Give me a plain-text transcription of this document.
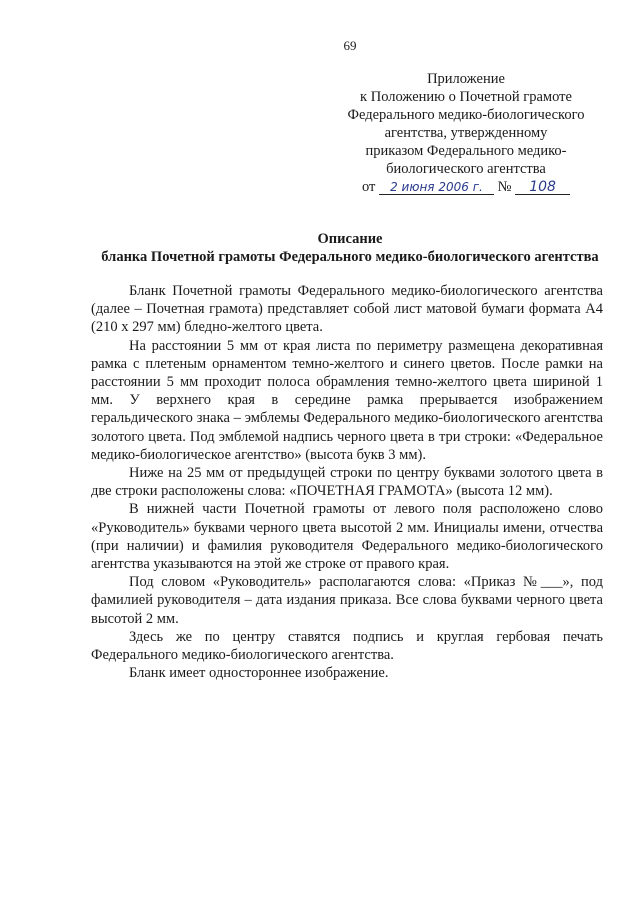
69
Приложение
к Положению о Почетной грамоте
Федерального медико-биологического
агентства, утвержденному
приказом Федерального медико-
биологического агентства
от 2 июня 2006 г. № 108
Описание
бланка Почетной грамоты Федерального медико-биологического агентства

Бланк Почетной грамоты Федерального медико-биологического агентства (далее – Почетная грамота) представляет собой лист матовой бумаги формата А4 (210 х 297 мм) бледно-желтого цвета.

На расстоянии 5 мм от края листа по периметру размещена декоративная рамка с плетеным орнаментом темно-желтого и синего цветов. После рамки на расстоянии 5 мм проходит полоса обрамления темно-желтого цвета шириной 1 мм. У верхнего края в середине рамка прерывается изображением геральдического знака – эмблемы Федерального медико-биологического агентства золотого цвета. Под эмблемой надпись черного цвета в три строки: «Федеральное медико-биологическое агентство» (высота букв 3 мм).

Ниже на 25 мм от предыдущей строки по центру буквами золотого цвета в две строки расположены слова: «ПОЧЕТНАЯ ГРАМОТА» (высота 12 мм).

В нижней части Почетной грамоты от левого поля расположено слово «Руководитель» буквами черного цвета высотой 2 мм. Инициалы имени, отчества (при наличии) и фамилия руководителя Федерального медико-биологического агентства указываются на этой же строке от правого края.

Под словом «Руководитель» располагаются слова: «Приказ №___», под фамилией руководителя – дата издания приказа. Все слова буквами черного цвета высотой 2 мм.

Здесь же по центру ставятся подпись и круглая гербовая печать Федерального медико-биологического агентства.

Бланк имеет одностороннее изображение.
